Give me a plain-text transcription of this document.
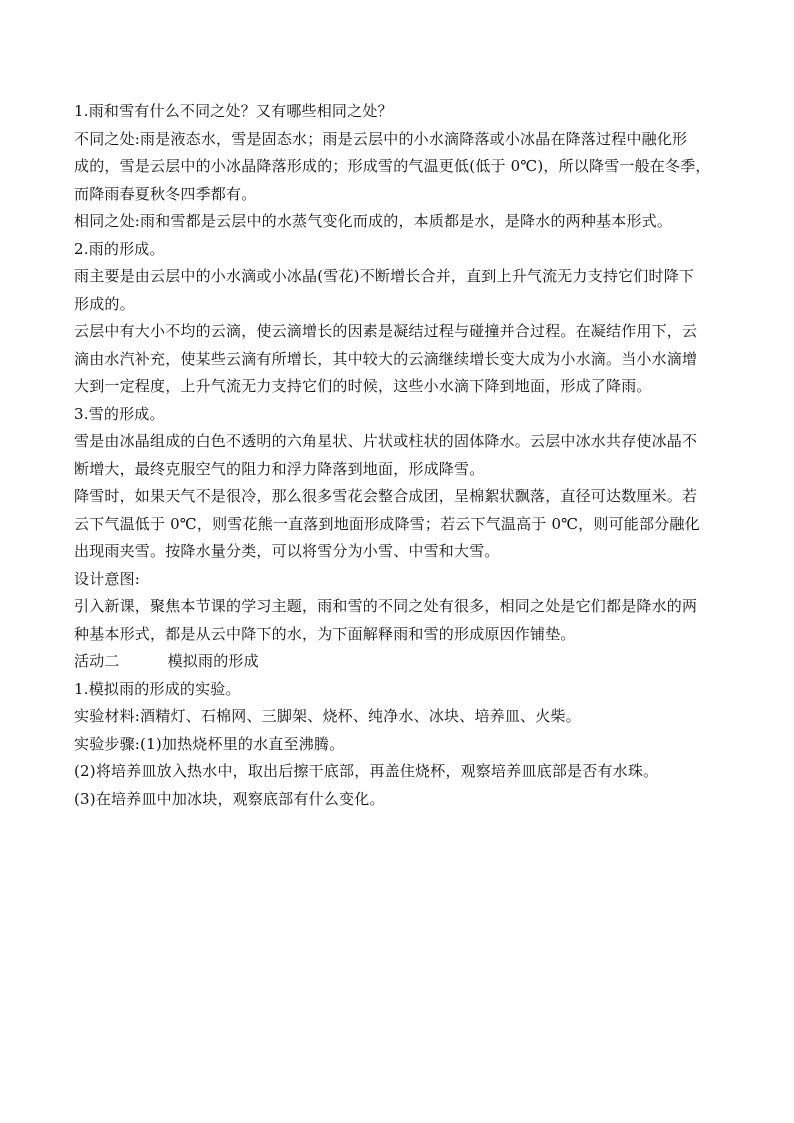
1.雨和雪有什么不同之处？又有哪些相同之处？
不同之处:雨是液态水，雪是固态水；雨是云层中的小水滴降落或小冰晶在降落过程中融化形
成的，雪是云层中的小冰晶降落形成的；形成雪的气温更低(低于 0℃)，所以降雪一般在冬季，
而降雨春夏秋冬四季都有。
相同之处:雨和雪都是云层中的水蒸气变化而成的，本质都是水，是降水的两种基本形式。
2.雨的形成。
雨主要是由云层中的小水滴或小冰晶(雪花)不断增长合并，直到上升气流无力支持它们时降下
形成的。
云层中有大小不均的云滴，使云滴增长的因素是凝结过程与碰撞并合过程。在凝结作用下，云
滴由水汽补充，使某些云滴有所增长，其中较大的云滴继续增长变大成为小水滴。当小水滴增
大到一定程度，上升气流无力支持它们的时候，这些小水滴下降到地面，形成了降雨。
3.雪的形成。
雪是由冰晶组成的白色不透明的六角星状、片状或柱状的固体降水。云层中冰水共存使冰晶不
断增大，最终克服空气的阻力和浮力降落到地面，形成降雪。
降雪时，如果天气不是很冷，那么很多雪花会整合成团，呈棉絮状飘落，直径可达数厘米。若
云下气温低于 0℃，则雪花熊一直落到地面形成降雪；若云下气温高于 0℃，则可能部分融化
出现雨夹雪。按降水量分类，可以将雪分为小雪、中雪和大雪。
设计意图:
引入新课，聚焦本节课的学习主题，雨和雪的不同之处有很多，相同之处是它们都是降水的两
种基本形式，都是从云中降下的水，为下面解释雨和雪的形成原因作铺垫。
活动二	模拟雨的形成
1.模拟雨的形成的实验。
实验材料:酒精灯、石棉网、三脚架、烧杯、纯净水、冰块、培养皿、火柴。
实验步骤:(1)加热烧杯里的水直至沸腾。
(2)将培养皿放入热水中，取出后擦干底部，再盖住烧杯，观察培养皿底部是否有水珠。
(3)在培养皿中加冰块，观察底部有什么变化。
